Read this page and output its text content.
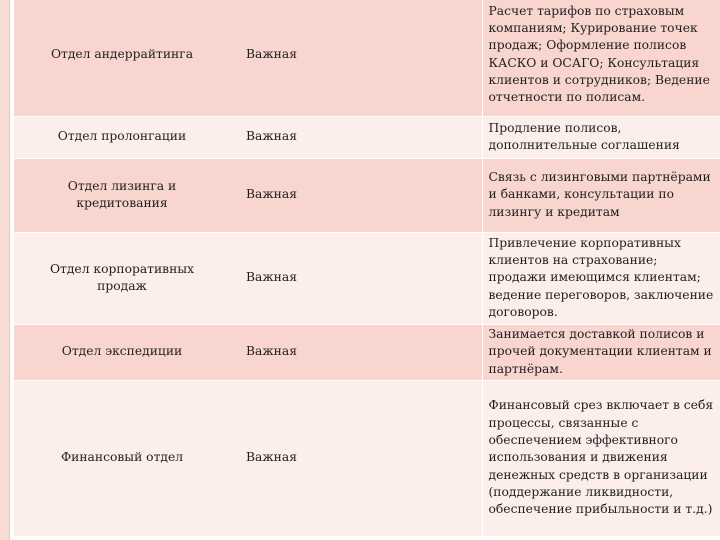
Отдел андеррайтинга	Важная	Расчет тарифов по страховым компаниям; Курирование точек продаж; Оформление полисов КАСКО и ОСАГО; Консультация клиентов и сотрудников; Ведение отчетности по полисам.

Отдел пролонгации	Важная	Продление полисов, дополнительные соглашения

Отдел лизинга и кредитования	Важная	Связь с лизинговыми партнёрами и банками, консультации по лизингу и кредитам

Отдел корпоративных продаж	Важная	Привлечение корпоративных клиентов на страхование; продажи имеющимся клиентам; ведение переговоров, заключение договоров.

Отдел экспедиции	Важная	Занимается доставкой полисов и прочей документации клиентам и партнёрам.

Финансовый отдел	Важная	Финансовый срез включает в себя процессы, связанные с обеспечением эффективного использования и движения денежных средств в организации (поддержание ликвидности, обеспечение прибыльности и т.д.)
